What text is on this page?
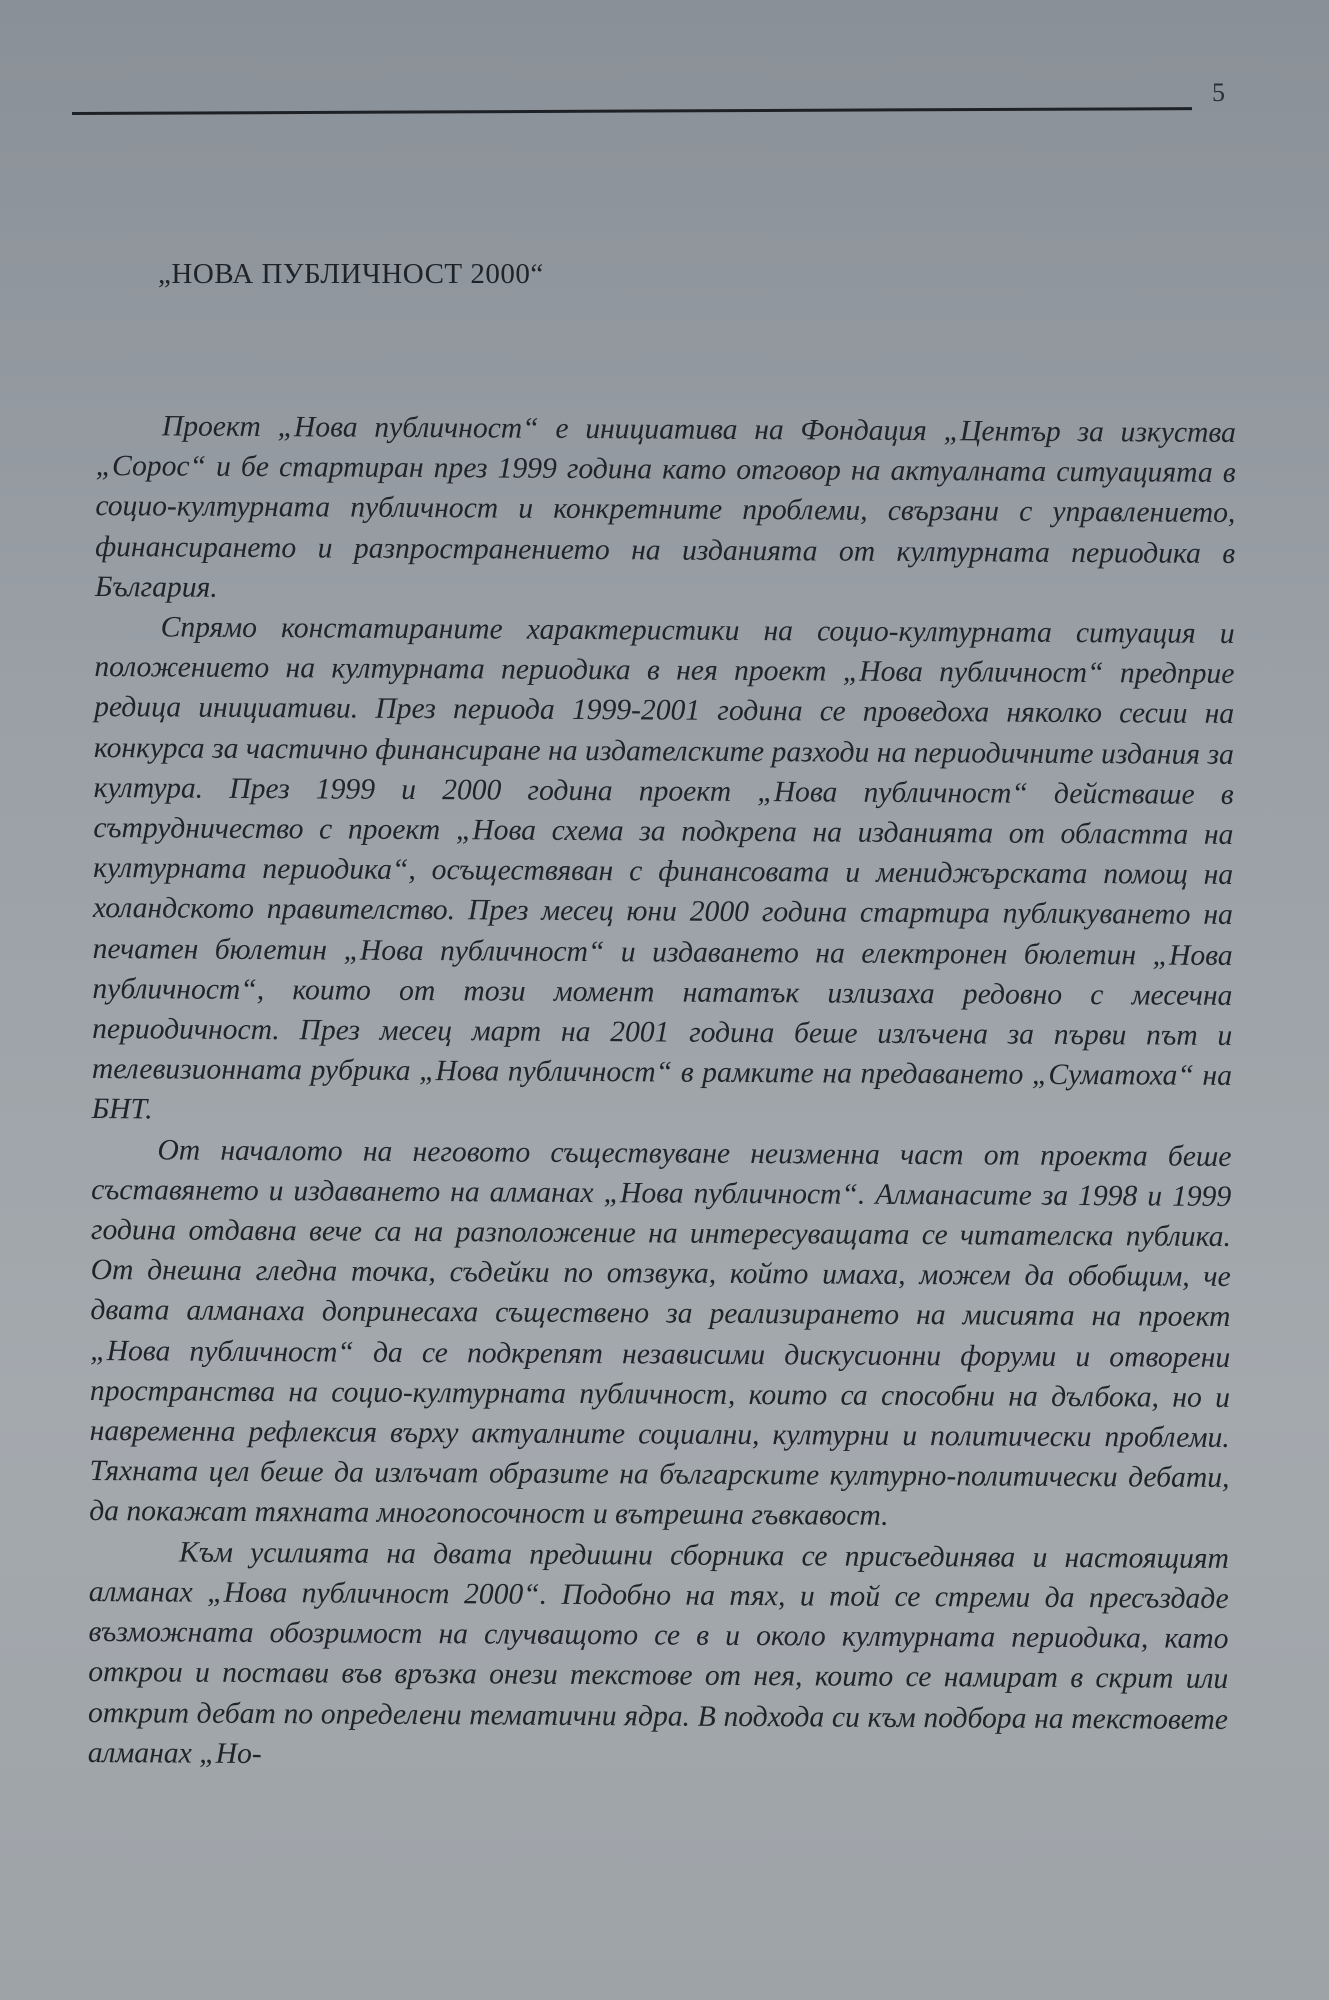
5
„НОВА ПУБЛИЧНОСТ 2000“

Проект „Нова публичност“ е инициатива на Фондация „Център за изкуства „Сорос“ и бе стартиран през 1999 година като отговор на актуалната ситуацията в социо-културната публичност и конкретните проблеми, свързани с управлението, финансирането и разпространението на изданията от културната периодика в България.

Спрямо констатираните характеристики на социо-културната ситуация и положението на културната периодика в нея проект „Нова публичност“ предприе редица инициативи. През периода 1999-2001 година се проведоха няколко сесии на конкурса за частично финансиране на издателските разходи на периодичните издания за култура. През 1999 и 2000 година проект „Нова публичност“ действаше в сътрудничество с проект „Нова схема за подкрепа на изданията от областта на културната периодика“, осъществяван с финансовата и мениджърската помощ на холандското правителство. През месец юни 2000 година стартира публикуването на печатен бюлетин „Нова публичност“ и издаването на електронен бюлетин „Нова публичност“, които от този момент нататък излизаха редовно с месечна периодичност. През месец март на 2001 година беше излъчена за първи път и телевизионната рубрика „Нова публичност“ в рамките на предаването „Суматоха“ на БНТ.

От началото на неговото съществуване неизменна част от проекта беше съставянето и издаването на алманах „Нова публичност“. Алманасите за 1998 и 1999 година отдавна вече са на разположение на интересуващата се читателска публика. От днешна гледна точка, съдейки по отзвука, който имаха, можем да обобщим, че двата алманаха допринесаха съществено за реализирането на мисията на проект „Нова публичност“ да се подкрепят независими дискусионни форуми и отворени пространства на социо-културната публичност, които са способни на дълбока, но и навременна рефлексия върху актуалните социални, културни и политически проблеми. Тяхната цел беше да излъчат образите на българските културно-политически дебати, да покажат тяхната многопосочност и вътрешна гъвкавост.

Към усилията на двата предишни сборника се присъединява и настоящият алманах „Нова публичност 2000“. Подобно на тях, и той се стреми да пресъздаде възможната обозримост на случващото се в и около културната периодика, като открои и постави във връзка онези текстове от нея, които се намират в скрит или открит дебат по определени тематични ядра. В подхода си към подбора на текстовете алманах „Но-
